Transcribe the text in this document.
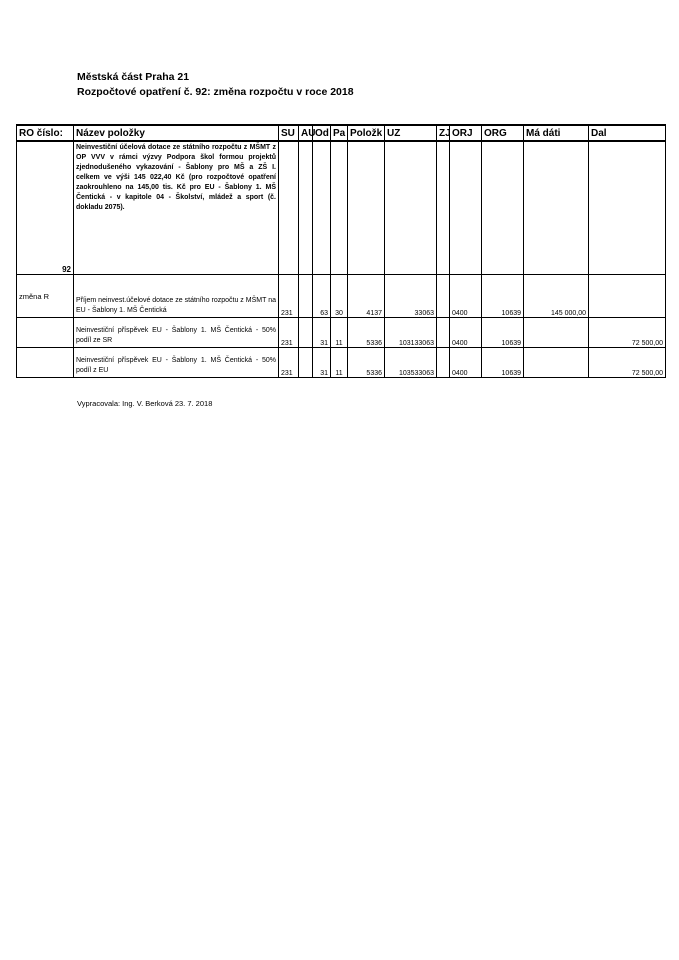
Městská část Praha 21
Rozpočtové opatření č. 92: změna rozpočtu v roce 2018
RO číslo:	Název položky	SU	AU	Od	Pa	Položk	UZ	ZJ	ORJ	ORG	Má dáti	Dal
92	Neinvestiční účelová dotace ze státního rozpočtu z MŠMT z OP VVV v rámci výzvy Podpora škol formou projektů zjednodušeného vykazování - Šablony pro MŠ a ZŠ I. celkem ve výši 145 022,40 Kč (pro rozpočtové opatření zaokrouhleno na 145,00 tis. Kč pro EU - Šablony 1. MŠ Čentická - v kapitole 04 - Školství, mládež a sport (č. dokladu 2075).											
změna R	Příjem neinvest.účelové dotace ze státního rozpočtu z MŠMT na EU - Šablony 1. MŠ Čentická	231		63	30	4137	33063		0400	10639	145 000,00	
	Neinvestiční příspěvek EU - Šablony 1. MŠ Čentická - 50% podíl ze SR	231		31	11	5336	103133063		0400	10639		72 500,00
	Neinvestiční příspěvek EU - Šablony 1. MŠ Čentická - 50% podíl z EU	231		31	11	5336	103533063		0400	10639		72 500,00
Vypracovala: Ing. V. Berková 23. 7. 2018
